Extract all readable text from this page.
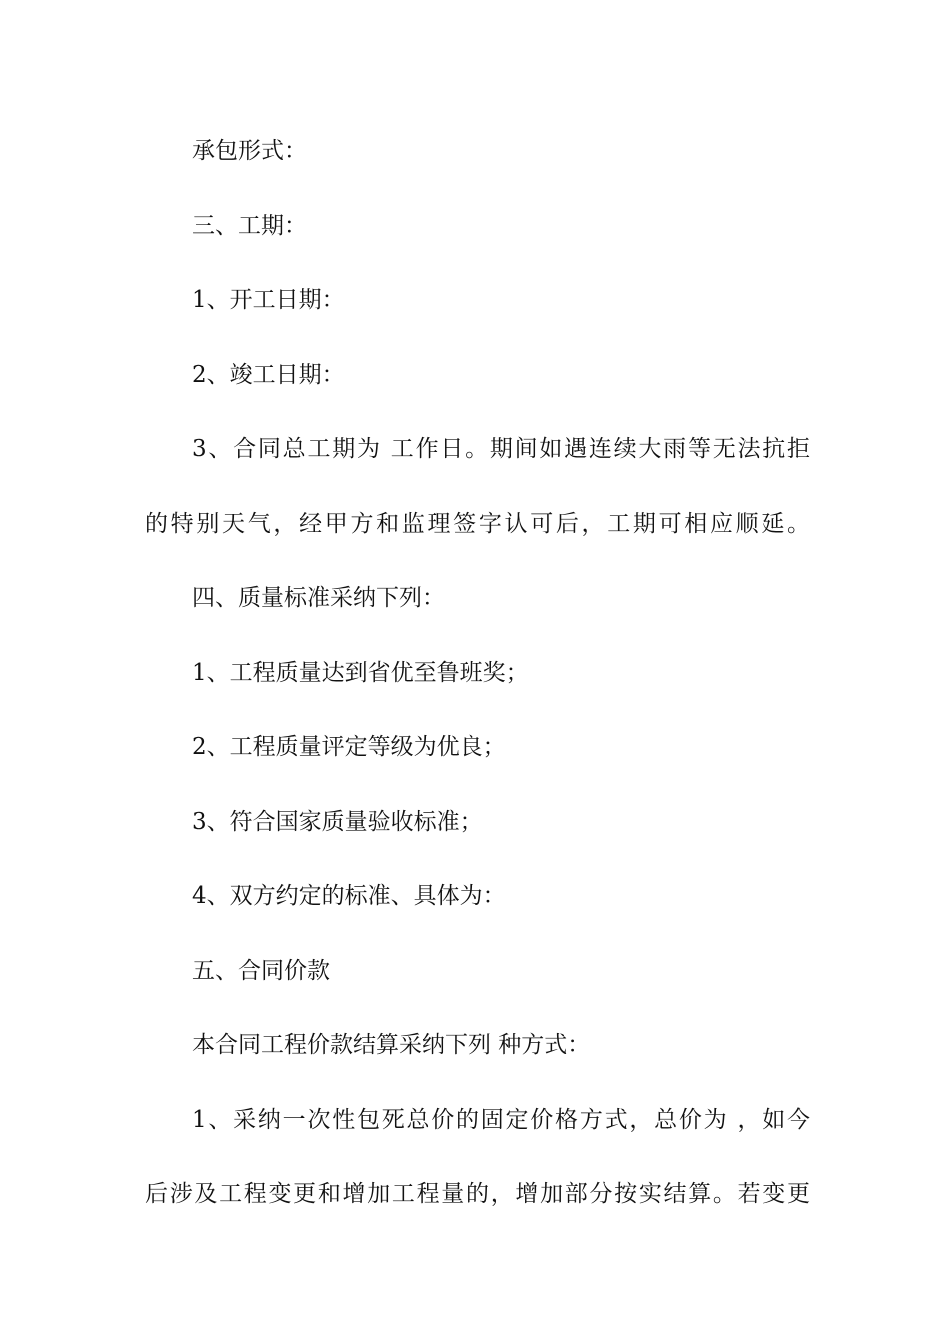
承包形式：
三、工期：
1、开工日期：
2、竣工日期：
3、合同总工期为 工作日。期间如遇连续大雨等无法抗拒
的特别天气，经甲方和监理签字认可后，工期可相应顺延。
四、质量标准采纳下列：
1、工程质量达到省优至鲁班奖；
2、工程质量评定等级为优良；
3、符合国家质量验收标准；
4、双方约定的标准、具体为：
五、合同价款
本合同工程价款结算采纳下列 种方式：
1、采纳一次性包死总价的固定价格方式，总价为 ，如今
后涉及工程变更和增加工程量的，增加部分按实结算。若变更
